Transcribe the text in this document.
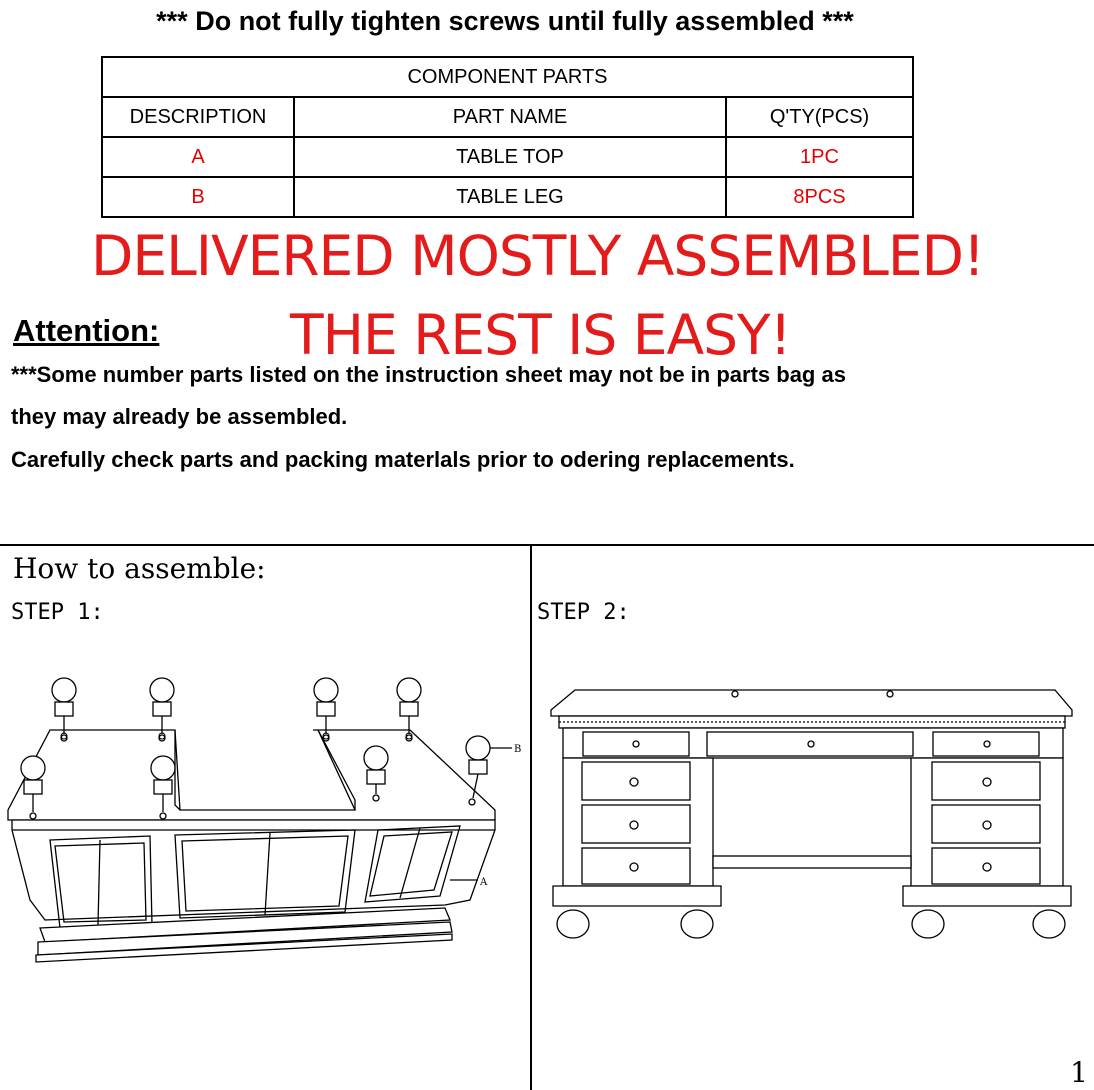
*** Do not fully tighten screws until fully assembled ***
COMPONENT PARTS		
DESCRIPTION	PART NAME	Q'TY(PCS)
A	TABLE TOP	1PC
B	TABLE LEG	8PCS
DELIVERED MOSTLY ASSEMBLED!
Attention: THE REST IS EASY!
***Some number parts listed on the instruction sheet may not be in parts bag as
they may already be assembled.
Carefully check parts and packing materlals prior to odering replacements.
How to assemble:
STEP 1:	STEP 2:
A
B
1
